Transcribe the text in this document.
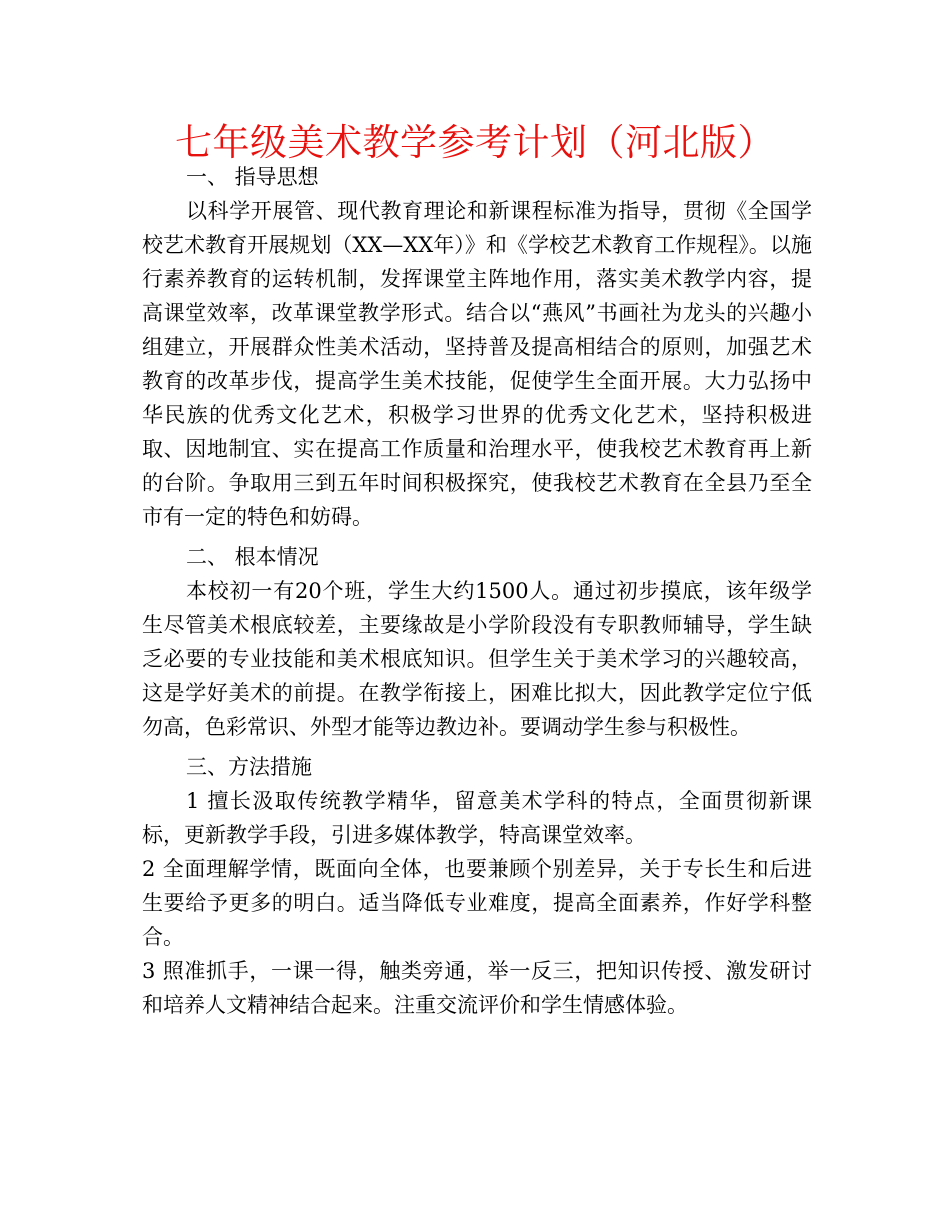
七年级美术教学参考计划（河北版）

一、 指导思想

以科学开展管、现代教育理论和新课程标准为指导，贯彻《全国学校艺术教育开展规划（XX—XX年）》和《学校艺术教育工作规程》。以施行素养教育的运转机制，发挥课堂主阵地作用，落实美术教学内容，提高课堂效率，改革课堂教学形式。结合以“燕风”书画社为龙头的兴趣小组建立，开展群众性美术活动，坚持普及提高相结合的原则，加强艺术教育的改革步伐，提高学生美术技能，促使学生全面开展。大力弘扬中华民族的优秀文化艺术，积极学习世界的优秀文化艺术，坚持积极进取、因地制宜、实在提高工作质量和治理水平，使我校艺术教育再上新的台阶。争取用三到五年时间积极探究，使我校艺术教育在全县乃至全市有一定的特色和妨碍。

二、 根本情况

本校初一有20个班，学生大约1500人。通过初步摸底，该年级学生尽管美术根底较差，主要缘故是小学阶段没有专职教师辅导，学生缺乏必要的专业技能和美术根底知识。但学生关于美术学习的兴趣较高，这是学好美术的前提。在教学衔接上，困难比拟大，因此教学定位宁低勿高，色彩常识、外型才能等边教边补。要调动学生参与积极性。

三、方法措施

1 擅长汲取传统教学精华，留意美术学科的特点，全面贯彻新课标，更新教学手段，引进多媒体教学，特高课堂效率。

2 全面理解学情，既面向全体，也要兼顾个别差异，关于专长生和后进生要给予更多的明白。适当降低专业难度，提高全面素养，作好学科整合。

3 照准抓手，一课一得，触类旁通，举一反三，把知识传授、激发研讨和培养人文精神结合起来。注重交流评价和学生情感体验。
